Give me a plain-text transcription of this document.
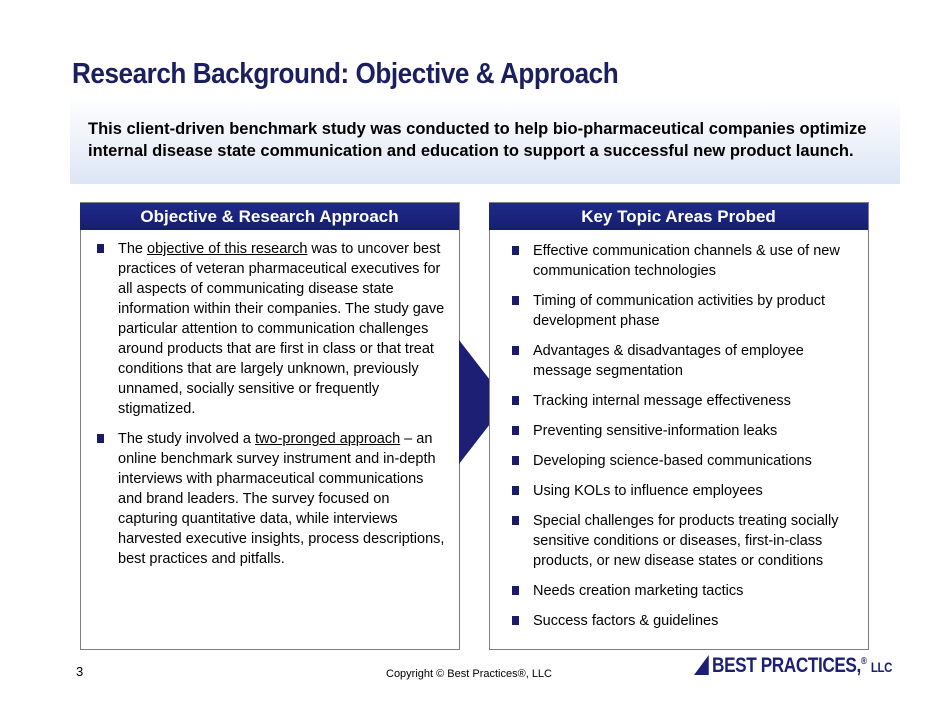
Research Background: Objective & Approach
This client-driven benchmark study was conducted to help bio-pharmaceutical companies optimize internal disease state communication and education to support a successful new product launch.
Objective & Research Approach
The objective of this research was to uncover best practices of veteran pharmaceutical executives for all aspects of communicating disease state information within their companies. The study gave particular attention to communication challenges around products that are first in class or that treat conditions that are largely unknown, previously unnamed, socially sensitive or frequently stigmatized.
The study involved a two-pronged approach – an online benchmark survey instrument and in-depth interviews with pharmaceutical communications and brand leaders. The survey focused on capturing quantitative data, while interviews harvested executive insights, process descriptions, best practices and pitfalls.
Key Topic Areas Probed
Effective communication channels & use of new communication technologies
Timing of communication activities by product development phase
Advantages & disadvantages of employee message segmentation
Tracking internal message effectiveness
Preventing sensitive-information leaks
Developing science-based communications
Using KOLs to influence employees
Special challenges for products treating socially sensitive conditions or diseases, first-in-class products, or new disease states or conditions
Needs creation marketing tactics
Success factors & guidelines
3	Copyright © Best Practices®, LLC	BEST PRACTICES,® LLC
